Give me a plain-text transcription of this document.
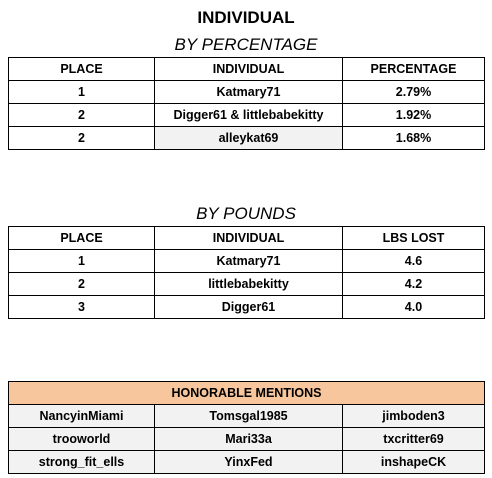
INDIVIDUAL
BY PERCENTAGE
PLACE	INDIVIDUAL	PERCENTAGE
1	Katmary71	2.79%
2	Digger61 & littlebabekitty	1.92%
2	alleykat69	1.68%
BY POUNDS
PLACE	INDIVIDUAL	LBS LOST
1	Katmary71	4.6
2	littlebabekitty	4.2
3	Digger61	4.0
HONORABLE MENTIONS		
NancyinMiami	Tomsgal1985	jimboden3
trooworld	Mari33a	txcritter69
strong_fit_ells	YinxFed	inshapeCK
